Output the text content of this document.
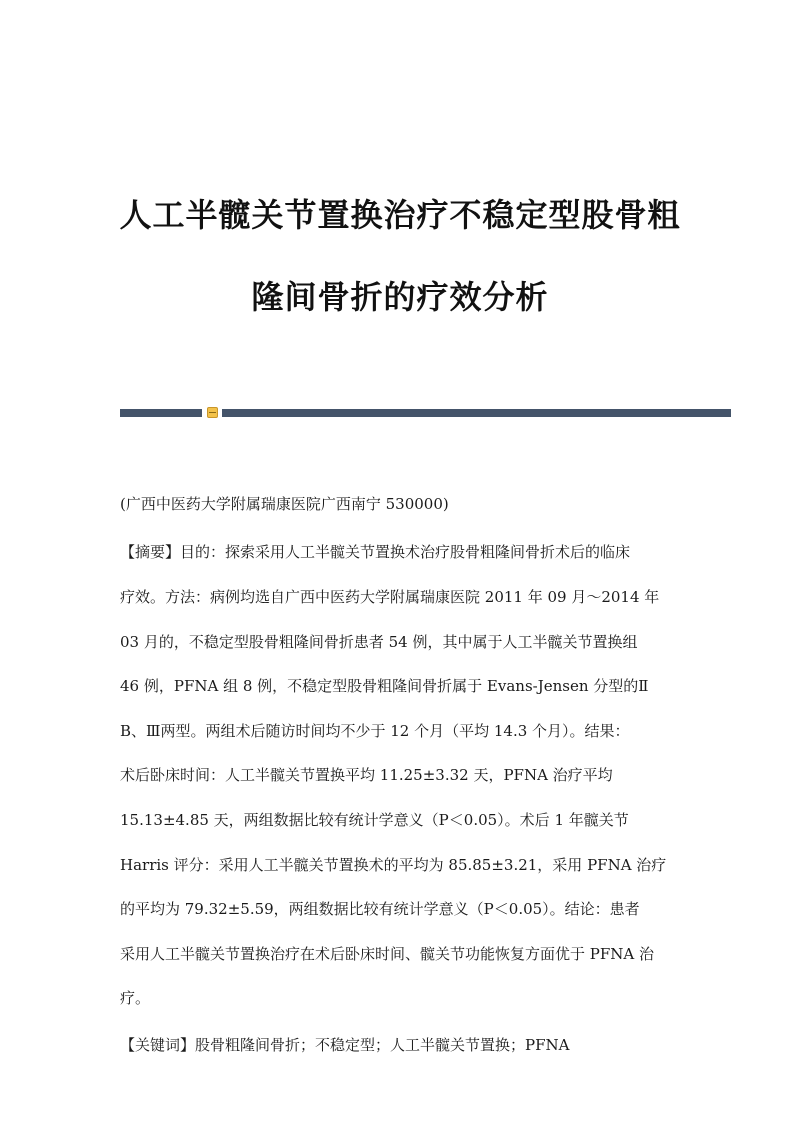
人工半髋关节置换治疗不稳定型股骨粗
隆间骨折的疗效分析
(广西中医药大学附属瑞康医院广西南宁 530000)
【摘要】目的：探索采用人工半髋关节置换术治疗股骨粗隆间骨折术后的临床
疗效。方法：病例均选自广西中医药大学附属瑞康医院 2011 年 09 月～2014 年
03 月的，不稳定型股骨粗隆间骨折患者 54 例，其中属于人工半髋关节置换组
46 例，PFNA 组 8 例，不稳定型股骨粗隆间骨折属于 Evans-Jensen 分型的Ⅱ
B、Ⅲ两型。两组术后随访时间均不少于 12 个月（平均 14.3 个月）。结果：
术后卧床时间：人工半髋关节置换平均 11.25±3.32 天，PFNA 治疗平均
15.13±4.85 天，两组数据比较有统计学意义（P＜0.05）。术后 1 年髋关节
Harris 评分：采用人工半髋关节置换术的平均为 85.85±3.21，采用 PFNA 治疗
的平均为 79.32±5.59，两组数据比较有统计学意义（P＜0.05）。结论：患者
采用人工半髋关节置换治疗在术后卧床时间、髋关节功能恢复方面优于 PFNA 治
疗。
【关键词】股骨粗隆间骨折；不稳定型；人工半髋关节置换；PFNA
